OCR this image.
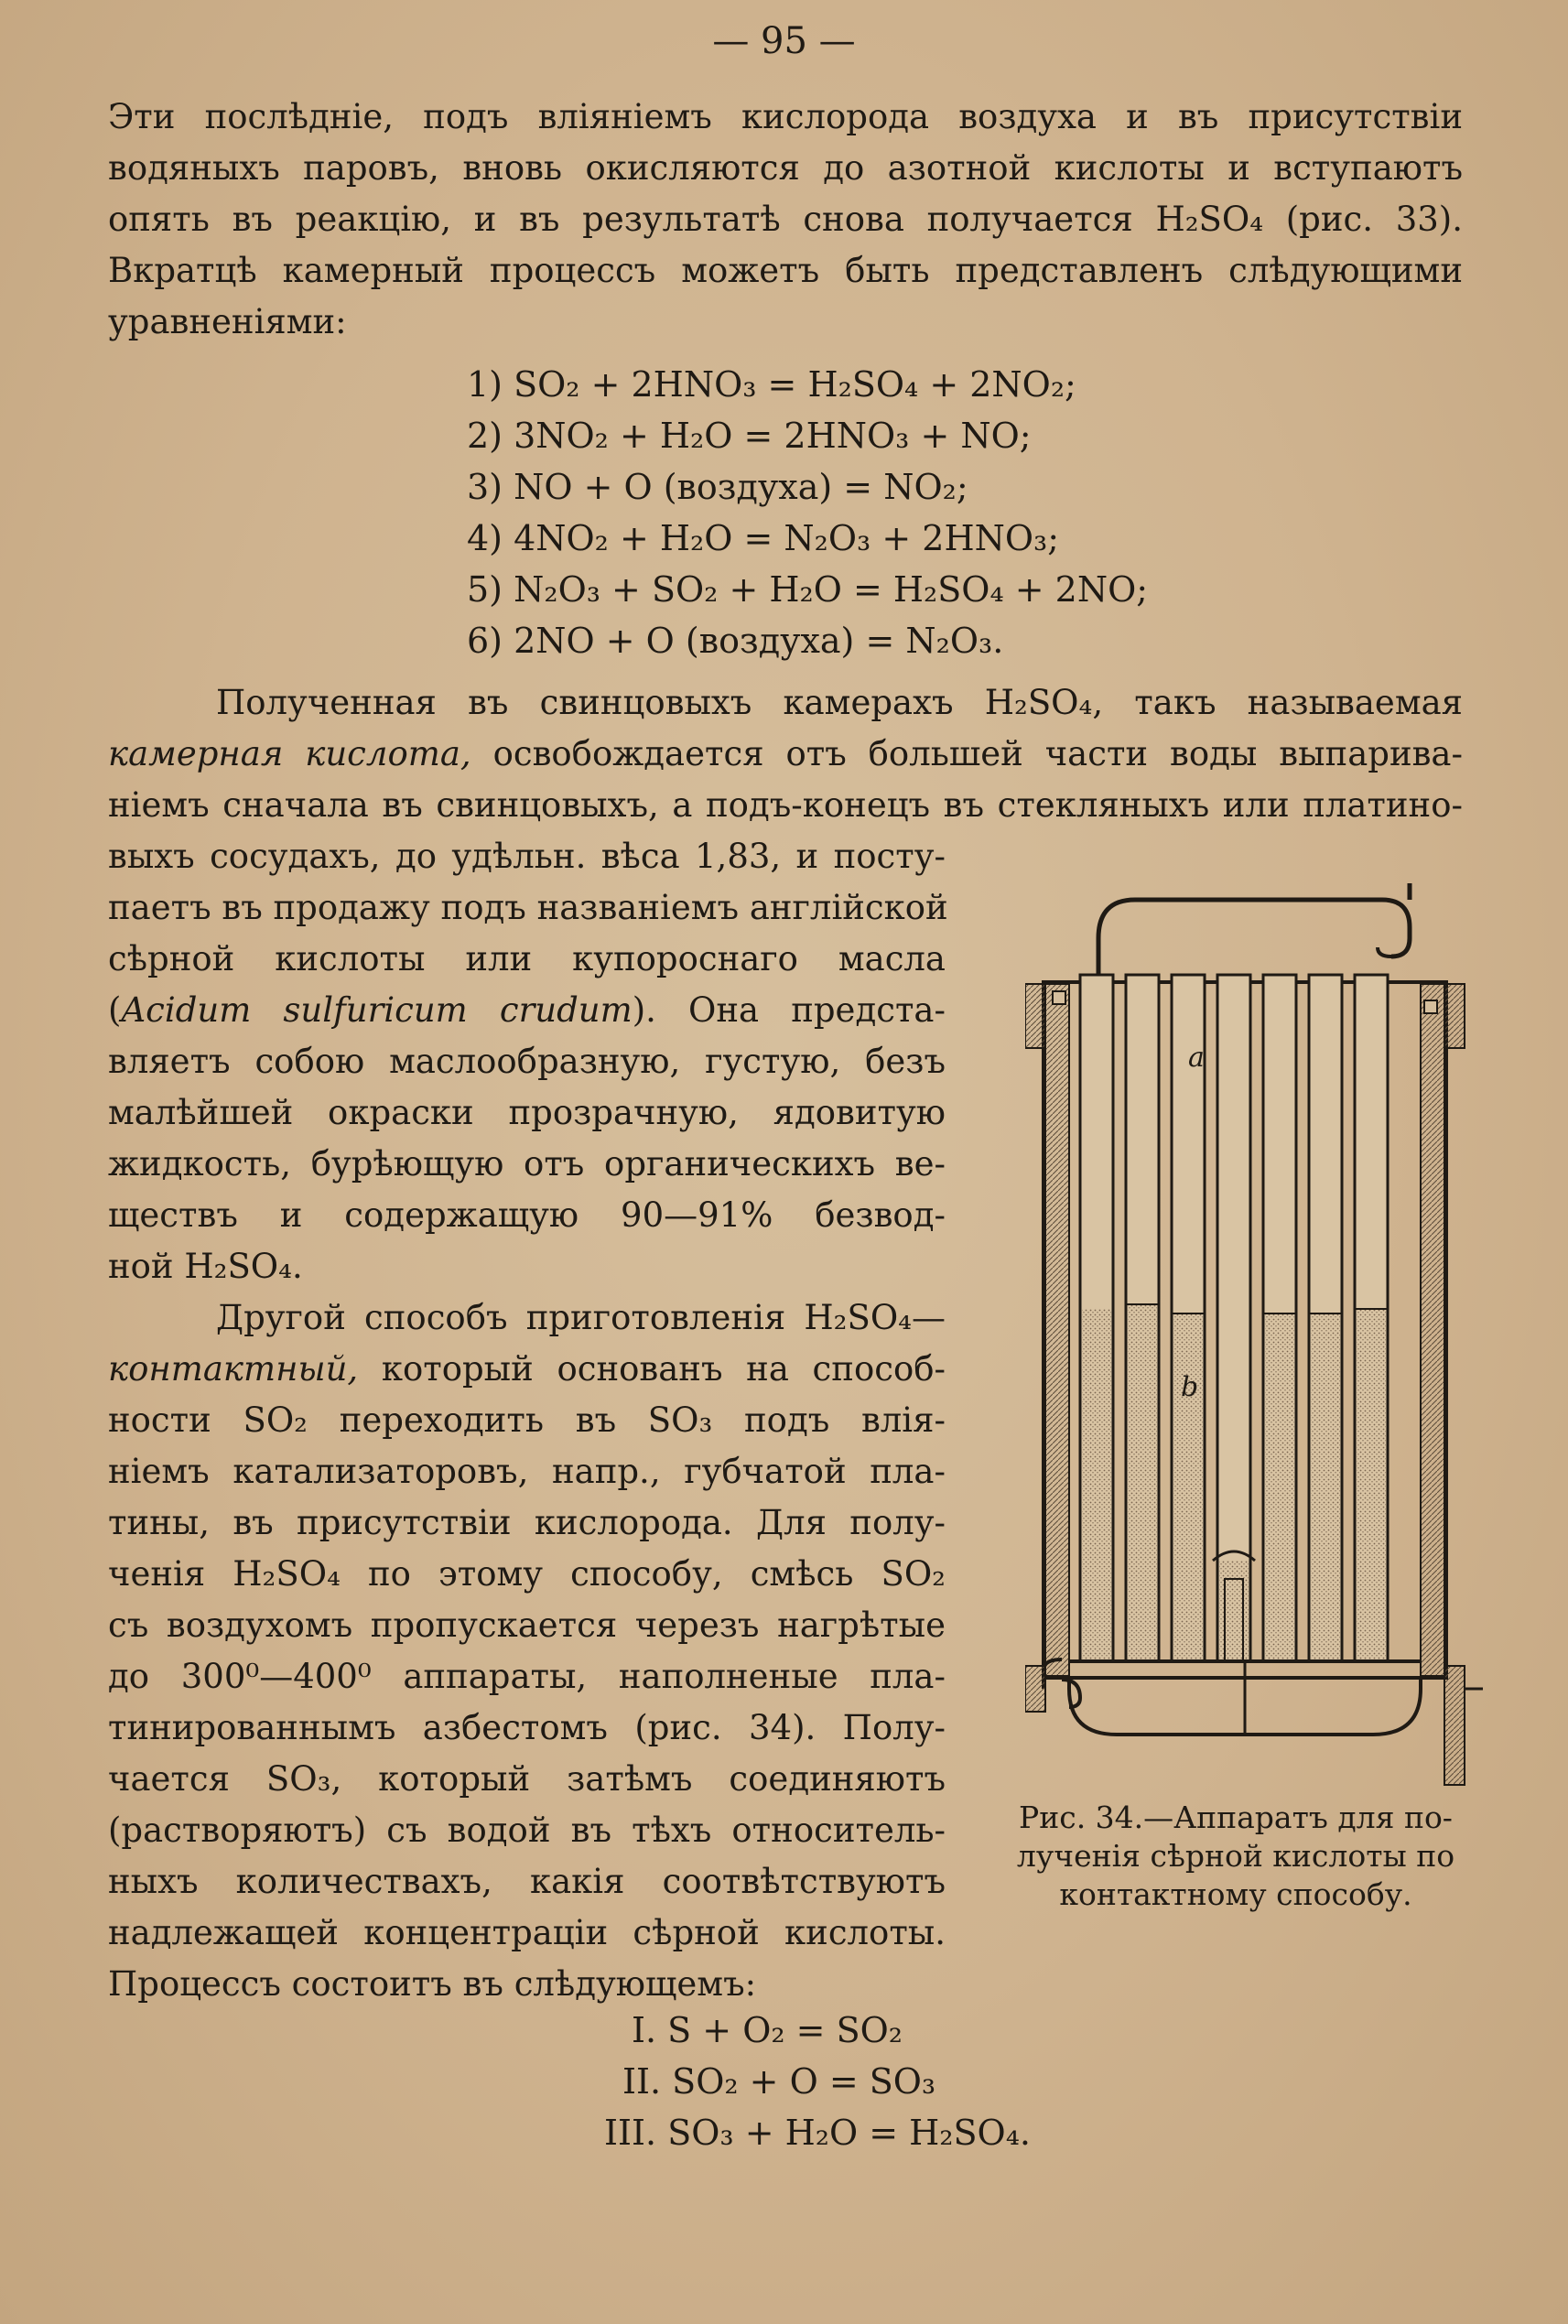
— 95 —
Эти послѣдніе, подъ вліяніемъ кислорода воздуха и въ присутствіи
водяныхъ паровъ, вновь окисляются до азотной кислоты и вступаютъ
опять въ реакцію, и въ результатѣ снова получается H₂SO₄ (рис. 33).
Вкратцѣ камерный процессъ можетъ быть представленъ слѣдующими
уравненіями:
1) SO₂ + 2HNO₃ = H₂SO₄ + 2NO₂;
2) 3NO₂ + H₂O = 2HNO₃ + NO;
3) NO + O (воздуха) = NO₂;
4) 4NO₂ + H₂O = N₂O₃ + 2HNO₃;
5) N₂O₃ + SO₂ + H₂O = H₂SO₄ + 2NO;
6) 2NO + O (воздуха) = N₂O₃.
Полученная въ свинцовыхъ камерахъ H₂SO₄, такъ называемая
камерная кислота, освобождается отъ большей части воды выпарива-
ніемъ сначала въ свинцовыхъ, а подъ-конецъ въ стекляныхъ или платино-
выхъ сосудахъ, до удѣльн. вѣса 1,83, и посту-
паетъ въ продажу подъ названіемъ англійской
сѣрной кислоты или купороснаго масла
(Acidum sulfuricum crudum). Она предста-
вляетъ собою маслообразную, густую, безъ
малѣйшей окраски прозрачную, ядовитую
жидкость, бурѣющую отъ органическихъ ве-
ществъ и содержащую 90—91% безвод-
ной H₂SO₄.
Другой способъ приготовленія H₂SO₄—
контактный, который основанъ на способ-
ности SO₂ переходить въ SO₃ подъ влія-
ніемъ катализаторовъ, напр., губчатой пла-
тины, въ присутствіи кислорода. Для полу-
ченія H₂SO₄ по этому способу, смѣсь SO₂
съ воздухомъ пропускается черезъ нагрѣтые
до 300⁰—400⁰ аппараты, наполненые пла-
тинированнымъ азбестомъ (рис. 34). Полу-
чается SO₃, который затѣмъ соединяютъ
(растворяютъ) съ водой въ тѣхъ относитель-
ныхъ количествахъ, какія соотвѣтствуютъ
надлежащей концентраціи сѣрной кислоты.
Процессъ состоитъ въ слѣдующемъ:
a
b
Рис. 34.—Аппаратъ для по-
лученія сѣрной кислоты по
контактному способу.
I. S + O₂ = SO₂
II. SO₂ + O = SO₃
III. SO₃ + H₂O = H₂SO₄.
